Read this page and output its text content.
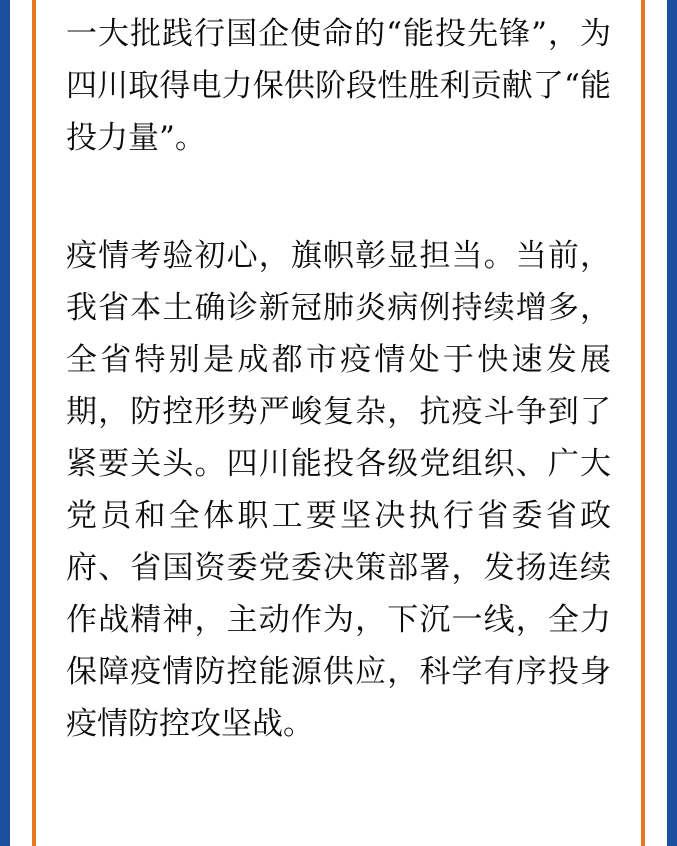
一大批践行国企使命的“能投先锋”，为四川取得电力保供阶段性胜利贡献了“能投力量”。

疫情考验初心，旗帜彰显担当。当前，我省本土确诊新冠肺炎病例持续增多，全省特别是成都市疫情处于快速发展期，防控形势严峻复杂，抗疫斗争到了紧要关头。四川能投各级党组织、广大党员和全体职工要坚决执行省委省政府、省国资委党委决策部署，发扬连续作战精神，主动作为，下沉一线，全力保障疫情防控能源供应，科学有序投身疫情防控攻坚战。
